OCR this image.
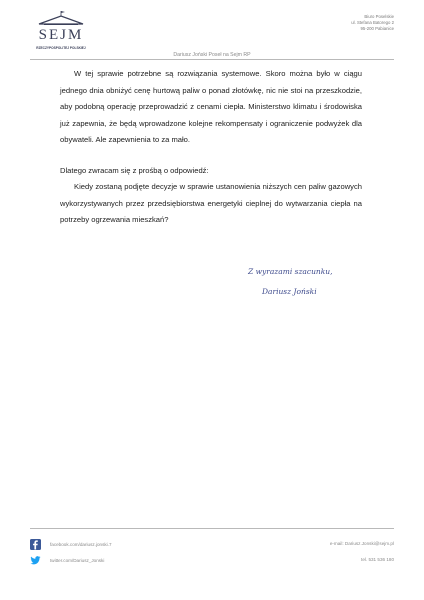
SEJM
RZECZYPOSPOLITEJ POLSKIEJ
Biuro Poselskie
ul. Stefana Batorego 2
95-200 Pabianice
Dariusz Joński Poseł na Sejm RP
W tej sprawie potrzebne są rozwiązania systemowe. Skoro można było w ciągu jednego dnia obniżyć cenę hurtową paliw o ponad złotówkę, nic nie stoi na przeszkodzie, aby podobną operację przeprowadzić z cenami ciepła. Ministerstwo klimatu i środowiska już zapewnia, że będą wprowadzone kolejne rekompensaty i ograniczenie podwyżek dla obywateli. Ale zapewnienia to za mało.
Dlatego zwracam się z prośbą o odpowiedź:
Kiedy zostaną podjęte decyzje w sprawie ustanowienia niższych cen paliw gazowych wykorzystywanych przez przedsiębiorstwa energetyki cieplnej do wytwarzania ciepła na potrzeby ogrzewania mieszkań?
Z wyrazami szacunku,
Dariusz Joński
facebook.com/dariusz.jonski.7
twitter.com/Dariusz_Jonski
e-mail: Dariusz.Jonski@sejm.pl
tel. 531 536 180
